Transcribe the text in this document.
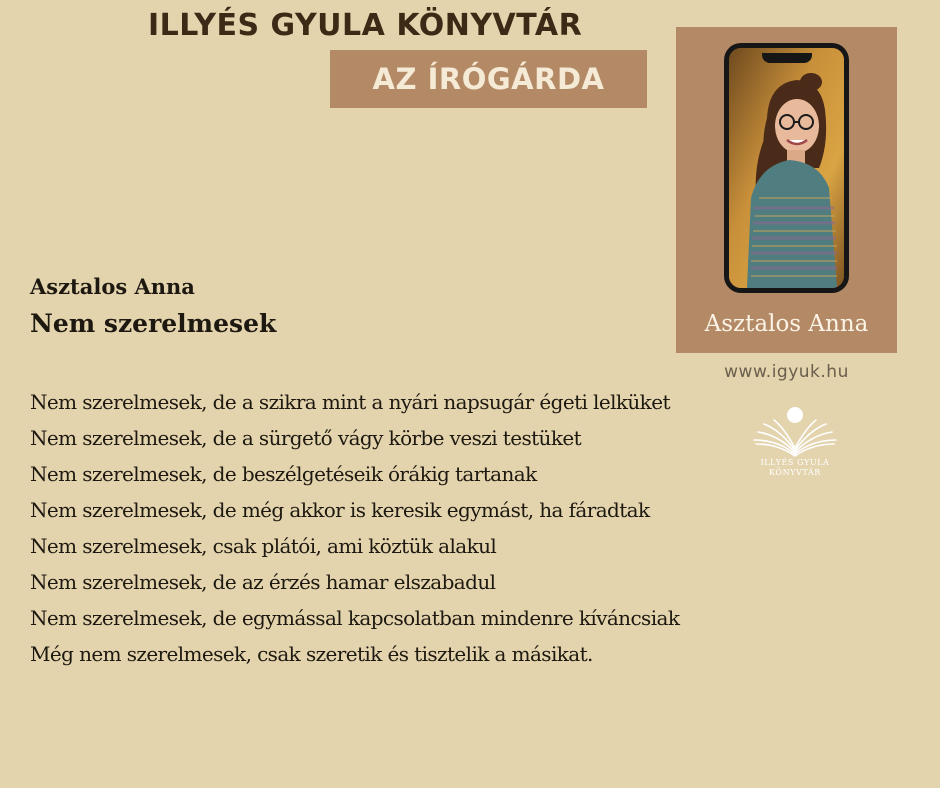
ILLYÉS GYULA KÖNYVTÁR
AZ ÍRÓGÁRDA
Asztalos Anna
www.igyuk.hu
ILLYÉS GYULA
KÖNYVTÁR
Asztalos Anna
Nem szerelmesek
Nem szerelmesek, de a szikra mint a nyári napsugár égeti lelküket
Nem szerelmesek, de a sürgető vágy körbe veszi testüket
Nem szerelmesek, de beszélgetéseik órákig tartanak
Nem szerelmesek, de még akkor is keresik egymást, ha fáradtak
Nem szerelmesek, csak plátói, ami köztük alakul
Nem szerelmesek, de az érzés hamar elszabadul
Nem szerelmesek, de egymással kapcsolatban mindenre kíváncsiak
Még nem szerelmesek, csak szeretik és tisztelik a másikat.
